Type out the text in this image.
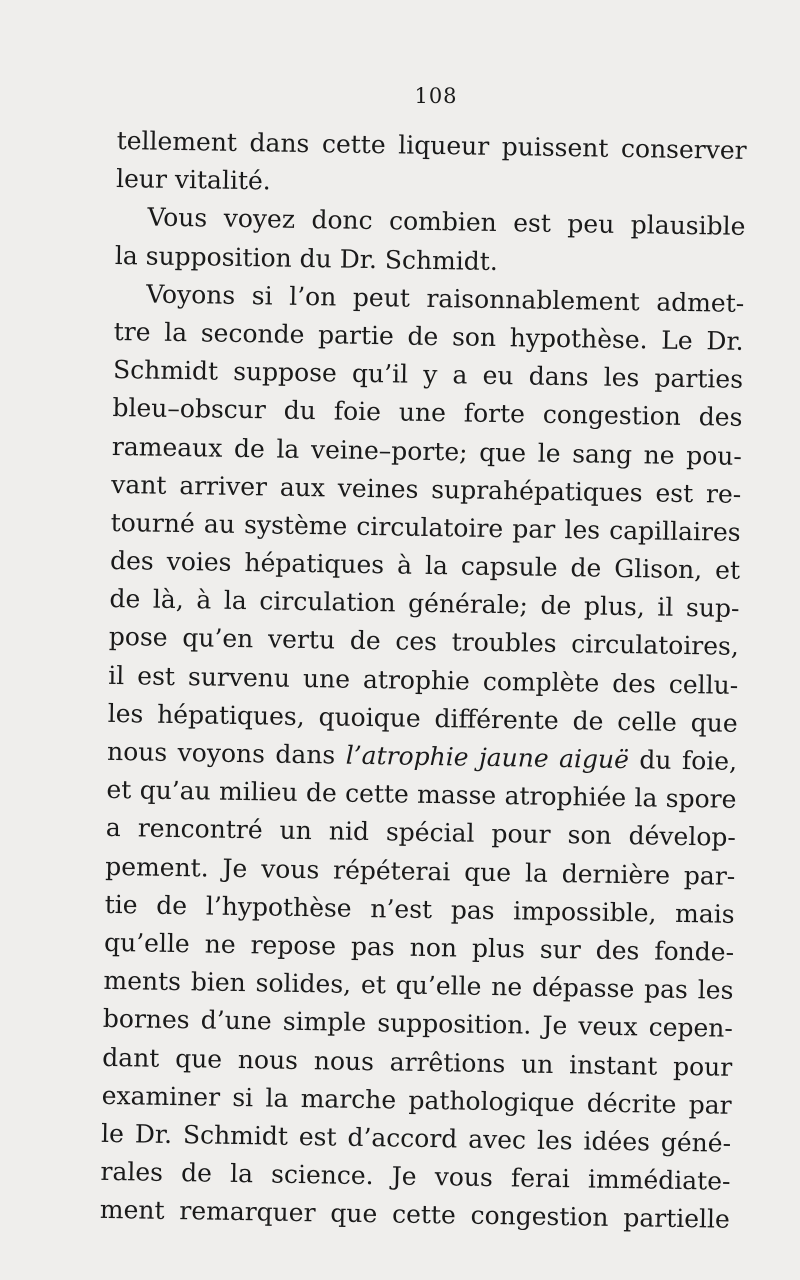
108
tellement dans cette liqueur puissent conserver
leur vitalité.
Vous voyez donc combien est peu plausible
la supposition du Dr. Schmidt.
Voyons si l’on peut raisonnablement admet-
tre la seconde partie de son hypothèse. Le Dr.
Schmidt suppose qu’il y a eu dans les parties
bleu–obscur du foie une forte congestion des
rameaux de la veine–porte; que le sang ne pou-
vant arriver aux veines suprahépatiques est re-
tourné au système circulatoire par les capillaires
des voies hépatiques à la capsule de Glison, et
de là, à la circulation générale; de plus, il sup-
pose qu’en vertu de ces troubles circulatoires,
il est survenu une atrophie complète des cellu-
les hépatiques, quoique différente de celle que
nous voyons dans l’atrophie jaune aiguë du foie,
et qu’au milieu de cette masse atrophiée la spore
a rencontré un nid spécial pour son dévelop-
pement. Je vous répéterai que la dernière par-
tie de l’hypothèse n’est pas impossible, mais
qu’elle ne repose pas non plus sur des fonde-
ments bien solides, et qu’elle ne dépasse pas les
bornes d’une simple supposition. Je veux cepen-
dant que nous nous arrêtions un instant pour
examiner si la marche pathologique décrite par
le Dr. Schmidt est d’accord avec les idées géné-
rales de la science. Je vous ferai immédiate-
ment remarquer que cette congestion partielle
